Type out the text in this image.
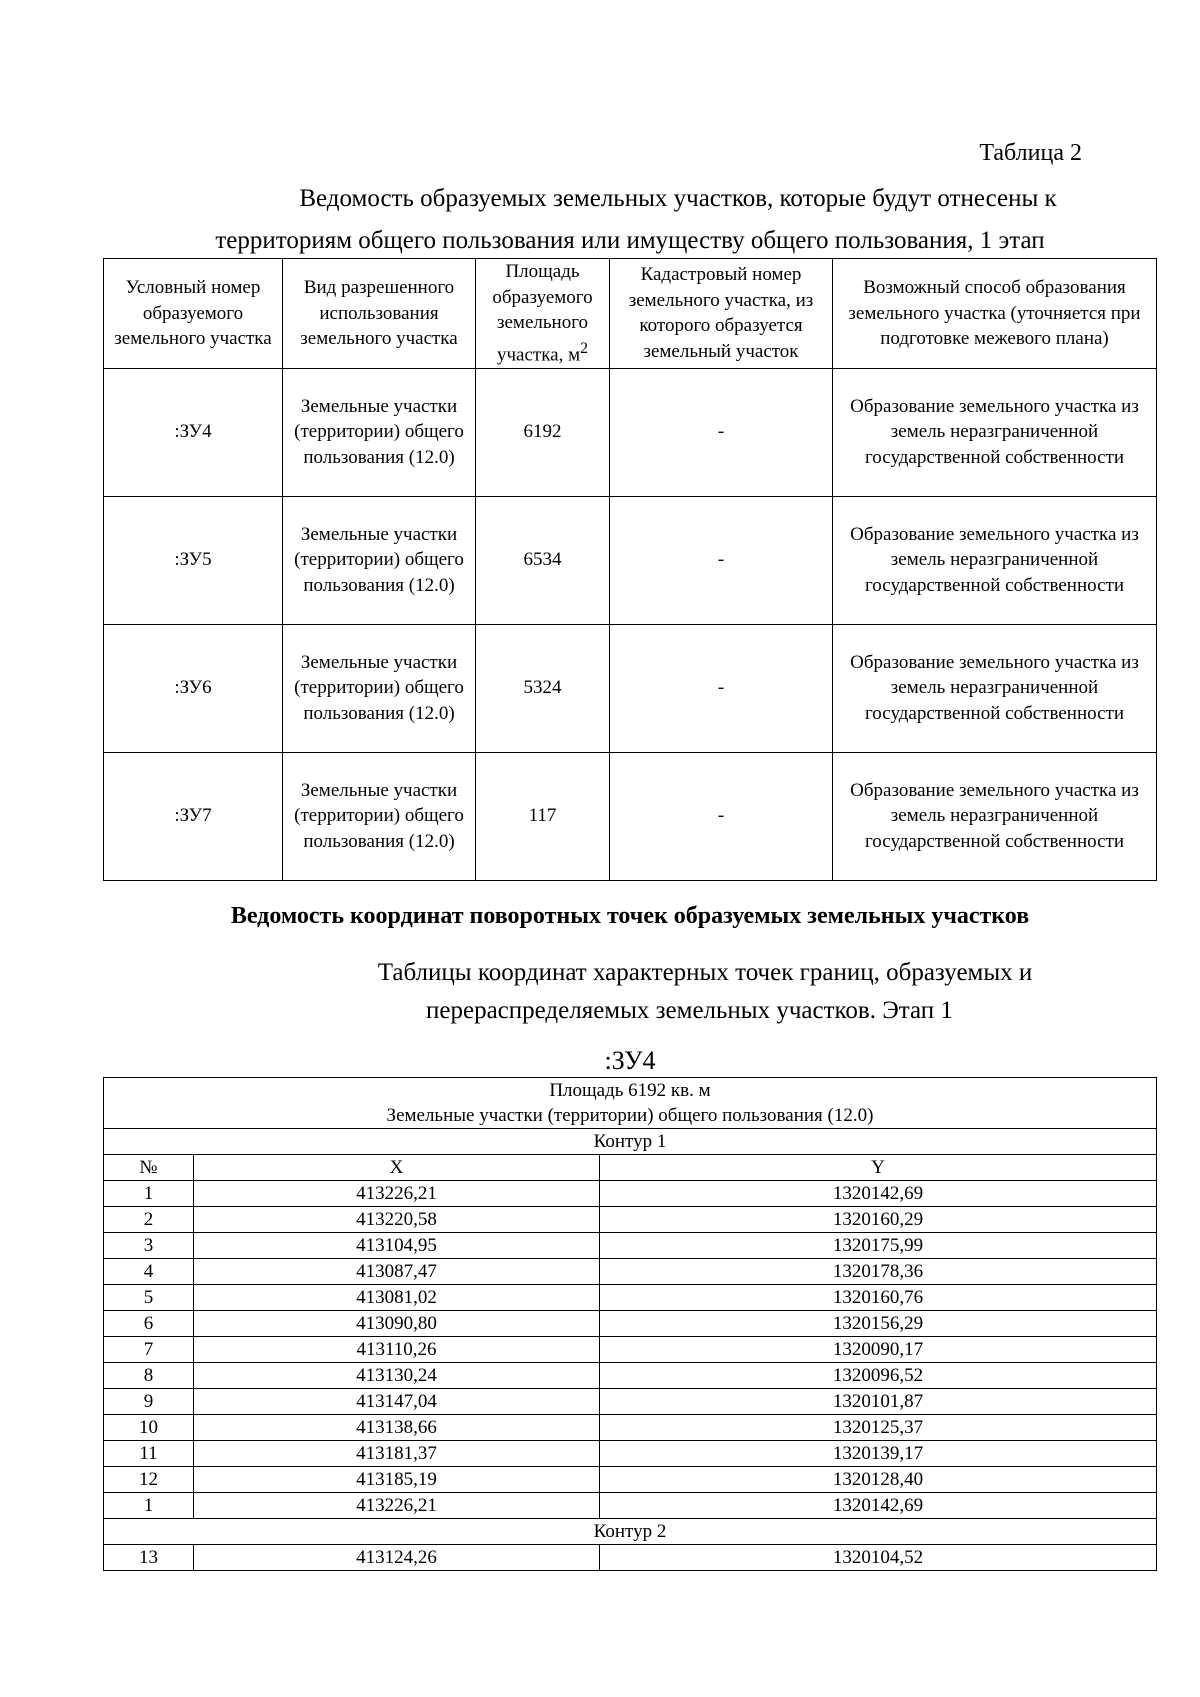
Таблица 2
Ведомость образуемых земельных участков, которые будут отнесены к
территориям общего пользования или имуществу общего пользования, 1 этап
Условный номер образуемого земельного участка	Вид разрешенного использования земельного участка	Площадь образуемого земельного участка, $м^2$	Кадастровый номер земельного участка, из которого образуется земельный участок	Возможный способ образования земельного участка (уточняется при подготовке межевого плана)
:ЗУ4	Земельные участки (территории) общего пользования (12.0)	6192	-	Образование земельного участка из земель неразграниченной государственной собственности
:ЗУ5	Земельные участки (территории) общего пользования (12.0)	6534	-	Образование земельного участка из земель неразграниченной государственной собственности
:ЗУ6	Земельные участки (территории) общего пользования (12.0)	5324	-	Образование земельного участка из земель неразграниченной государственной собственности
:ЗУ7	Земельные участки (территории) общего пользования (12.0)	117	-	Образование земельного участка из земель неразграниченной государственной собственности
Ведомость координат поворотных точек образуемых земельных участков
Таблицы координат характерных точек границ, образуемых и
перераспределяемых земельных участков. Этап 1
:ЗУ4
Площадь 6192 кв. м
Земельные участки (территории) общего пользования (12.0)		

Контур 1		
№	X	Y
1	413226,21	1320142,69
2	413220,58	1320160,29
3	413104,95	1320175,99
4	413087,47	1320178,36
5	413081,02	1320160,76
6	413090,80	1320156,29
7	413110,26	1320090,17
8	413130,24	1320096,52
9	413147,04	1320101,87
10	413138,66	1320125,37
11	413181,37	1320139,17
12	413185,19	1320128,40
1	413226,21	1320142,69
Контур 2		
13	413124,26	1320104,52
